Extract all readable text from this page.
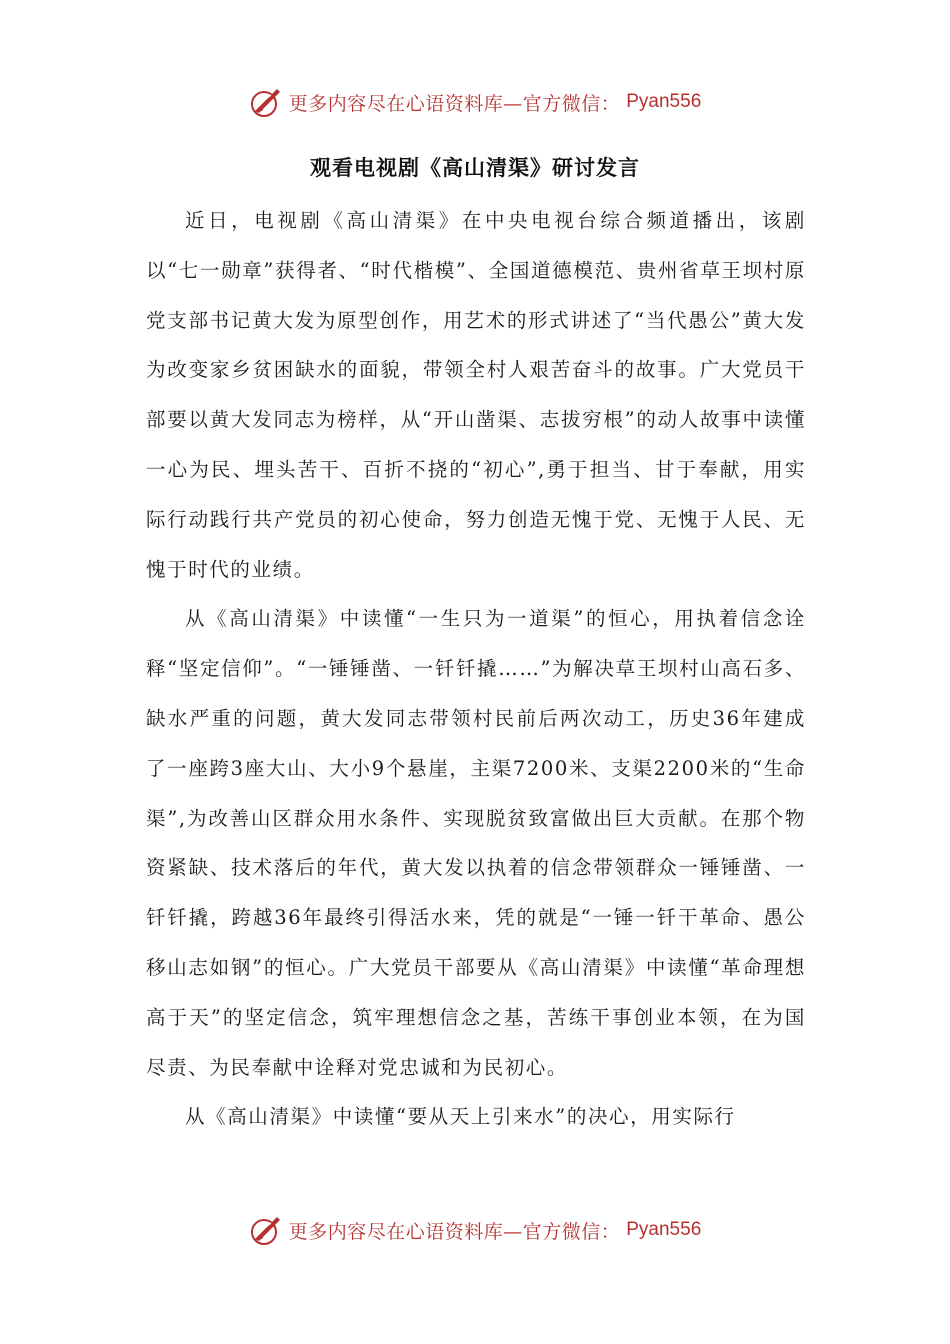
更多内容尽在心语资料库—官方微信： Pyan556
观看电视剧《高山清渠》研讨发言

近日，电视剧《高山清渠》在中央电视台综合频道播出，该剧以“七一勋章”获得者、“时代楷模”、全国道德模范、贵州省草王坝村原党支部书记黄大发为原型创作，用艺术的形式讲述了“当代愚公”黄大发为改变家乡贫困缺水的面貌，带领全村人艰苦奋斗的故事。广大党员干部要以黄大发同志为榜样，从“开山凿渠、志拔穷根”的动人故事中读懂一心为民、埋头苦干、百折不挠的“初心”,勇于担当、甘于奉献，用实际行动践行共产党员的初心使命，努力创造无愧于党、无愧于人民、无愧于时代的业绩。

从《高山清渠》中读懂“一生只为一道渠”的恒心，用执着信念诠释“坚定信仰”。“一锤锤凿、一钎钎撬……”为解决草王坝村山高石多、缺水严重的问题，黄大发同志带领村民前后两次动工，历史36年建成了一座跨3座大山、大小9个悬崖，主渠7200米、支渠2200米的“生命渠”,为改善山区群众用水条件、实现脱贫致富做出巨大贡献。在那个物资紧缺、技术落后的年代，黄大发以执着的信念带领群众一锤锤凿、一钎钎撬，跨越36年最终引得活水来，凭的就是“一锤一钎干革命、愚公移山志如钢”的恒心。广大党员干部要从《高山清渠》中读懂“革命理想高于天”的坚定信念，筑牢理想信念之基，苦练干事创业本领，在为国尽责、为民奉献中诠释对党忠诚和为民初心。

从《高山清渠》中读懂“要从天上引来水”的决心，用实际行

更多内容尽在心语资料库—官方微信： Pyan556
